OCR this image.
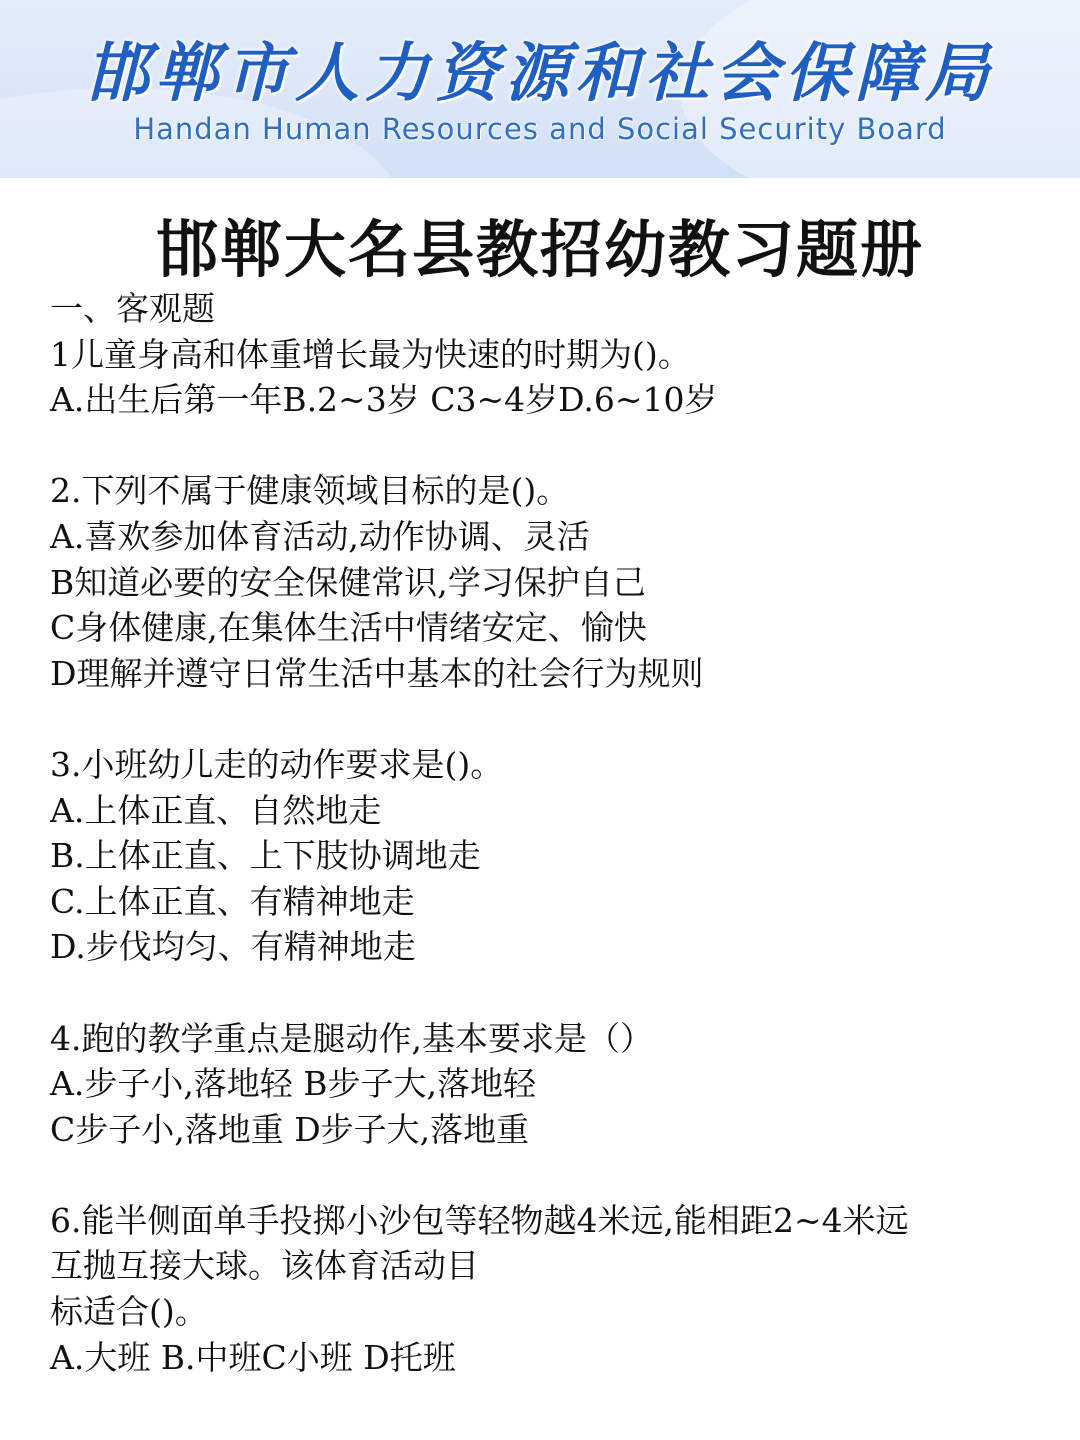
邯郸市人力资源和社会保障局
Handan Human Resources and Social Security Board
邯郸大名县教招幼教习题册

一、客观题

1儿童身高和体重增长最为快速的时期为()。

A.出生后第一年B.2~3岁 C3~4岁D.6~10岁

2.下列不属于健康领域目标的是()。

A.喜欢参加体育活动,动作协调、灵活

B知道必要的安全保健常识,学习保护自己

C身体健康,在集体生活中情绪安定、愉快

D理解并遵守日常生活中基本的社会行为规则

3.小班幼儿走的动作要求是()。

A.上体正直、自然地走

B.上体正直、上下肢协调地走

C.上体正直、有精神地走

D.步伐均匀、有精神地走

4.跑的教学重点是腿动作,基本要求是（）

A.步子小,落地轻 B步子大,落地轻

C步子小,落地重 D步子大,落地重

6.能半侧面单手投掷小沙包等轻物越4米远,能相距2~4米远

互抛互接大球。该体育活动目

标适合()。

A.大班 B.中班C小班 D托班
